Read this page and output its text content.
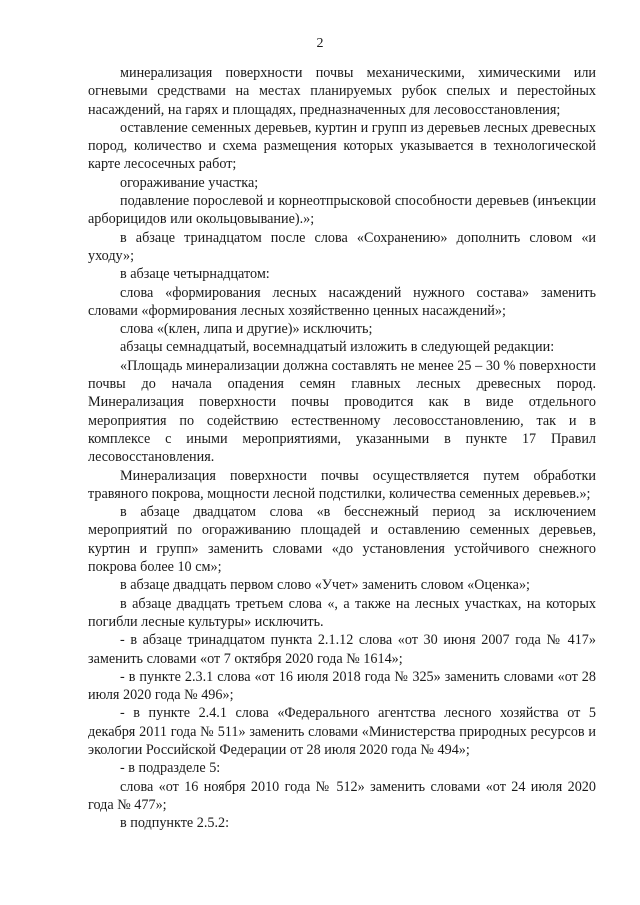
2

минерализация поверхности почвы механическими, химическими или огневыми средствами на местах планируемых рубок спелых и перестойных насаждений, на гарях и площадях, предназначенных для лесовосстановления;

оставление семенных деревьев, куртин и групп из деревьев лесных древесных пород, количество и схема размещения которых указывается в технологической карте лесосечных работ;

огораживание участка;

подавление порослевой и корнеотпрысковой способности деревьев (инъекции арборицидов или окольцовывание).»;

в абзаце тринадцатом после слова «Сохранению» дополнить словом «и уходу»;

в абзаце четырнадцатом:

слова «формирования лесных насаждений нужного состава» заменить словами «формирования лесных хозяйственно ценных насаждений»;

слова «(клен, липа и другие)» исключить;

абзацы семнадцатый, восемнадцатый изложить в следующей редакции:

«Площадь минерализации должна составлять не менее 25 – 30 % поверхности почвы до начала опадения семян главных лесных древесных пород. Минерализация поверхности почвы проводится как в виде отдельного мероприятия по содействию естественному лесовосстановлению, так и в комплексе с иными мероприятиями, указанными в пункте 17 Правил лесовосстановления.

Минерализация поверхности почвы осуществляется путем обработки травяного покрова, мощности лесной подстилки, количества семенных деревьев.»;

в абзаце двадцатом слова «в бесснежный период за исключением мероприятий по огораживанию площадей и оставлению семенных деревьев, куртин и групп» заменить словами «до установления устойчивого снежного покрова более 10 см»;

в абзаце двадцать первом слово «Учет» заменить словом «Оценка»;

в абзаце двадцать третьем слова «, а также на лесных участках, на которых погибли лесные культуры» исключить.

- в абзаце тринадцатом пункта 2.1.12 слова «от 30 июня 2007 года № 417» заменить словами «от 7 октября 2020 года № 1614»;

- в пункте 2.3.1 слова «от 16 июля 2018 года № 325» заменить словами «от 28 июля 2020 года № 496»;

- в пункте 2.4.1 слова «Федерального агентства лесного хозяйства от 5 декабря 2011 года № 511» заменить словами «Министерства природных ресурсов и экологии Российской Федерации от 28 июля 2020 года № 494»;

- в подразделе 5:

слова «от 16 ноября 2010 года № 512» заменить словами «от 24 июля 2020 года № 477»;

в подпункте 2.5.2:
